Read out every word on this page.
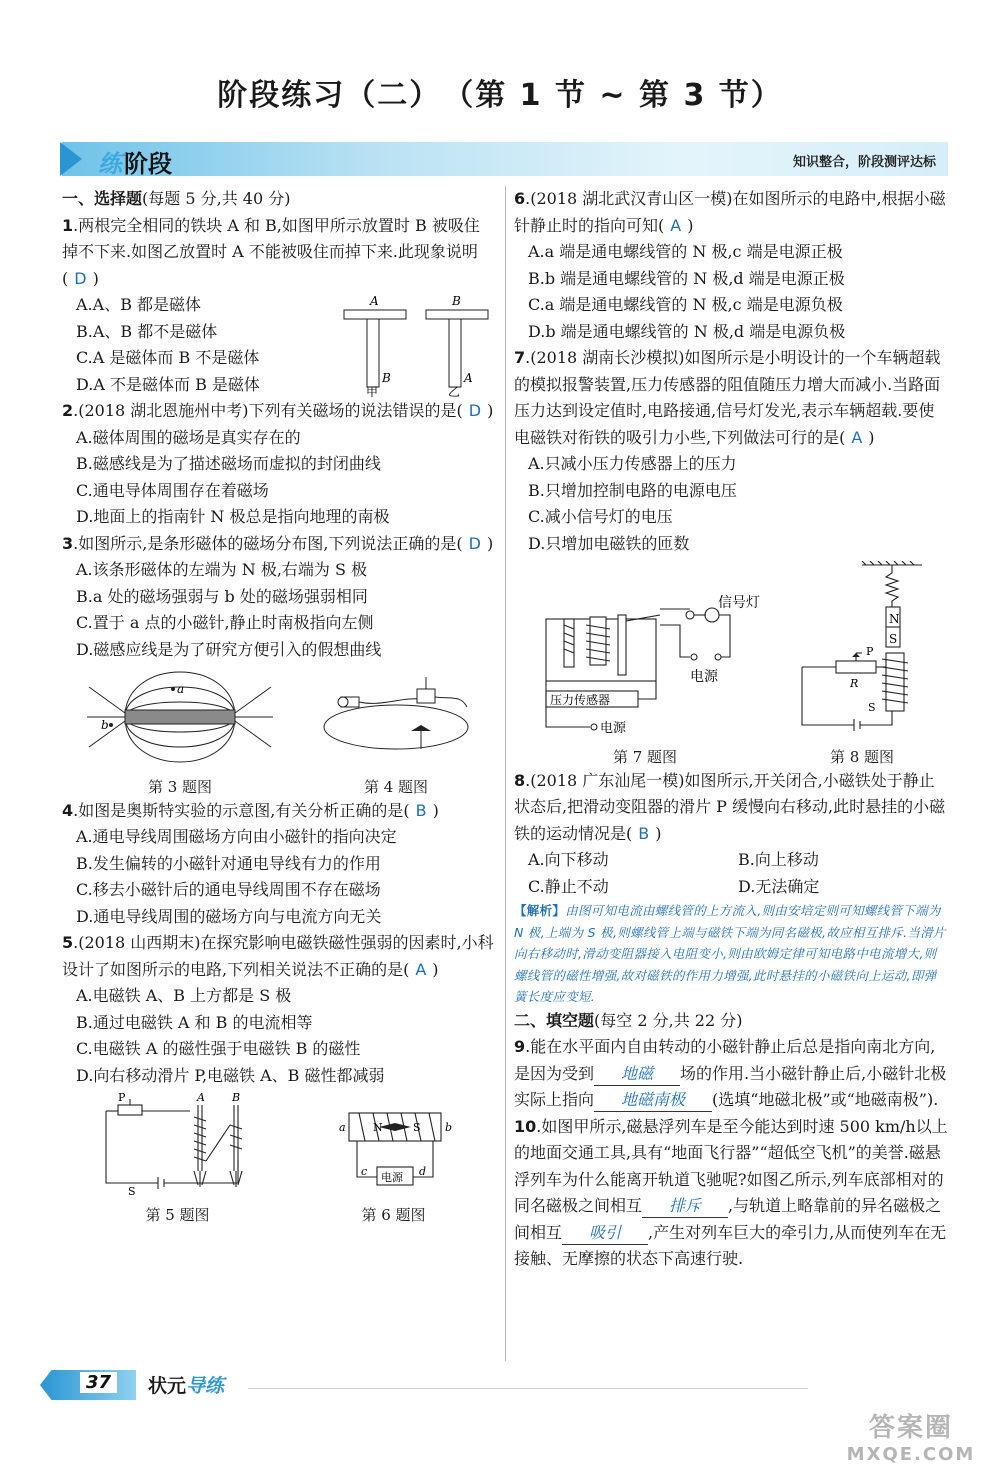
阶段练习（二）　（第 1 节 ~ 第 3 节）
练阶段	知识整合，阶段测评达标
一、选择题(每题 5 分,共 40 分)
1.两根完全相同的铁块 A 和 B,如图甲所示放置时 B 被吸住掉不下来.如图乙放置时 A 不能被吸住而掉下来.此现象说明( D )
A.A、B 都是磁体
B.A、B 都不是磁体
C.A 是磁体而 B 不是磁体
D.A 不是磁体而 B 是磁体
A
B
甲
B
A
乙
2.(2018 湖北恩施州中考)下列有关磁场的说法错误的是( D )
A.磁体周围的磁场是真实存在的
B.磁感线是为了描述磁场而虚拟的封闭曲线
C.通电导体周围存在着磁场
D.地面上的指南针 N 极总是指向地理的南极
3.如图所示,是条形磁体的磁场分布图,下列说法正确的是( D )
A.该条形磁体的左端为 N 极,右端为 S 极
B.a 处的磁场强弱与 b 处的磁场强弱相同
C.置于 a 点的小磁针,静止时南极指向左侧
D.磁感应线是为了研究方便引入的假想曲线
a
b
第 3 题图	第 4 题图
4.如图是奥斯特实验的示意图,有关分析正确的是( B )
A.通电导线周围磁场方向由小磁针的指向决定
B.发生偏转的小磁针对通电导线有力的作用
C.移去小磁针后的通电导线周围不存在磁场
D.通电导线周围的磁场方向与电流方向无关
5.(2018 山西期末)在探究影响电磁铁磁性强弱的因素时,小科设计了如图所示的电路,下列相关说法不正确的是( A )
A.电磁铁 A、B 上方都是 S 极
B.通过电磁铁 A 和 B 的电流相等
C.电磁铁 A 的磁性强于电磁铁 B 的磁性
D.向右移动滑片 P,电磁铁 A、B 磁性都减弱
A B
P
S
第 5 题图
a	b
N	S
c	d
电源
第 6 题图
6.(2018 湖北武汉青山区一模)在如图所示的电路中,根据小磁针静止时的指向可知( A )
A.a 端是通电螺线管的 N 极,c 端是电源正极
B.b 端是通电螺线管的 N 极,d 端是电源正极
C.a 端是通电螺线管的 N 极,c 端是电源负极
D.b 端是通电螺线管的 N 极,d 端是电源负极
7.(2018 湖南长沙模拟)如图所示是小明设计的一个车辆超载的模拟报警装置,压力传感器的阻值随压力增大而减小.当路面压力达到设定值时,电路接通,信号灯发光,表示车辆超载.要使电磁铁对衔铁的吸引力小些,下列做法可行的是( A )
A.只减小压力传感器上的压力
B.只增加控制电路的电源电压
C.减小信号灯的电压
D.只增加电磁铁的匝数
信号灯
压力传感器
电源
电源
第 7 题图
N
S
P
R
S
第 8 题图
8.(2018 广东汕尾一模)如图所示,开关闭合,小磁铁处于静止状态后,把滑动变阻器的滑片 P 缓慢向右移动,此时悬挂的小磁铁的运动情况是( B )
A.向下移动	B.向上移动
C.静止不动	D.无法确定
【解析】由图可知电流由螺线管的上方流入,则由安培定则可知螺线管下端为 N 极,上端为 S 极,则螺线管上端与磁铁下端为同名磁极,故应相互排斥.当滑片向右移动时,滑动变阻器接入电阻变小,则由欧姆定律可知电路中电流增大,则螺线管的磁性增强,故对磁铁的作用力增强,此时悬挂的小磁铁向上运动,即弹簧长度应变短.
二、填空题(每空 2 分,共 22 分)
9.能在水平面内自由转动的小磁针静止后总是指向南北方向,是因为受到 地磁 场的作用.当小磁针静止后,小磁针北极实际上指向 地磁南极 (选填“地磁北极”或“地磁南极”).
10.如图甲所示,磁悬浮列车是至今能达到时速 500 km/h以上的地面交通工具,具有“地面飞行器”“超低空飞机”的美誉.磁悬浮列车为什么能离开轨道飞驰呢?如图乙所示,列车底部相对的同名磁极之间相互 排斥 ,与轨道上略靠前的异名磁极之间相互 吸引 ,产生对列车巨大的牵引力,从而使列车在无接触、无摩擦的状态下高速行驶.
37	状元导练
答案圈
MXQE.COM
